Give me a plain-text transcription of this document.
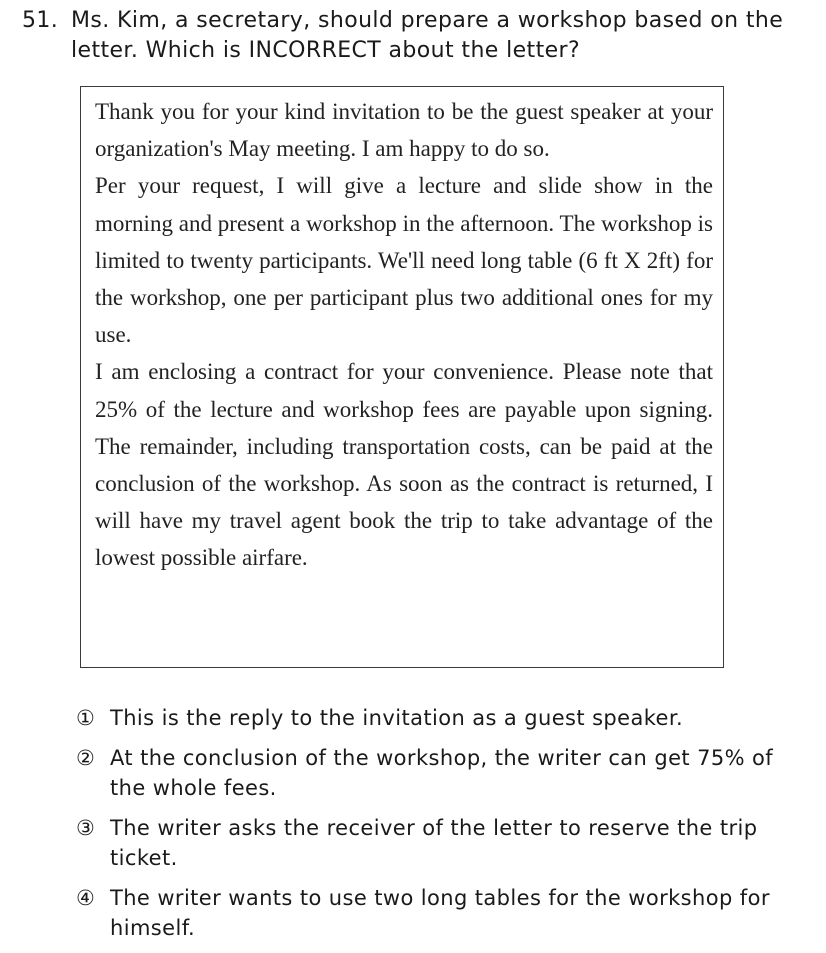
51. Ms. Kim, a secretary, should prepare a workshop based on the letter. Which is INCORRECT about the letter?

Thank you for your kind invitation to be the guest speaker at your organization's May meeting. I am happy to do so.

Per your request, I will give a lecture and slide show in the morning and present a workshop in the afternoon. The workshop is limited to twenty participants. We'll need long table (6 ft X 2ft) for the workshop, one per participant plus two additional ones for my use.

I am enclosing a contract for your convenience. Please note that 25% of the lecture and workshop fees are payable upon signing. The remainder, including transportation costs, can be paid at the conclusion of the workshop. As soon as the contract is returned, I will have my travel agent book the trip to take advantage of the lowest possible airfare.

① This is the reply to the invitation as a guest speaker.
② At the conclusion of the workshop, the writer can get 75% of the whole fees.
③ The writer asks the receiver of the letter to reserve the trip ticket.
④ The writer wants to use two long tables for the workshop for himself.
